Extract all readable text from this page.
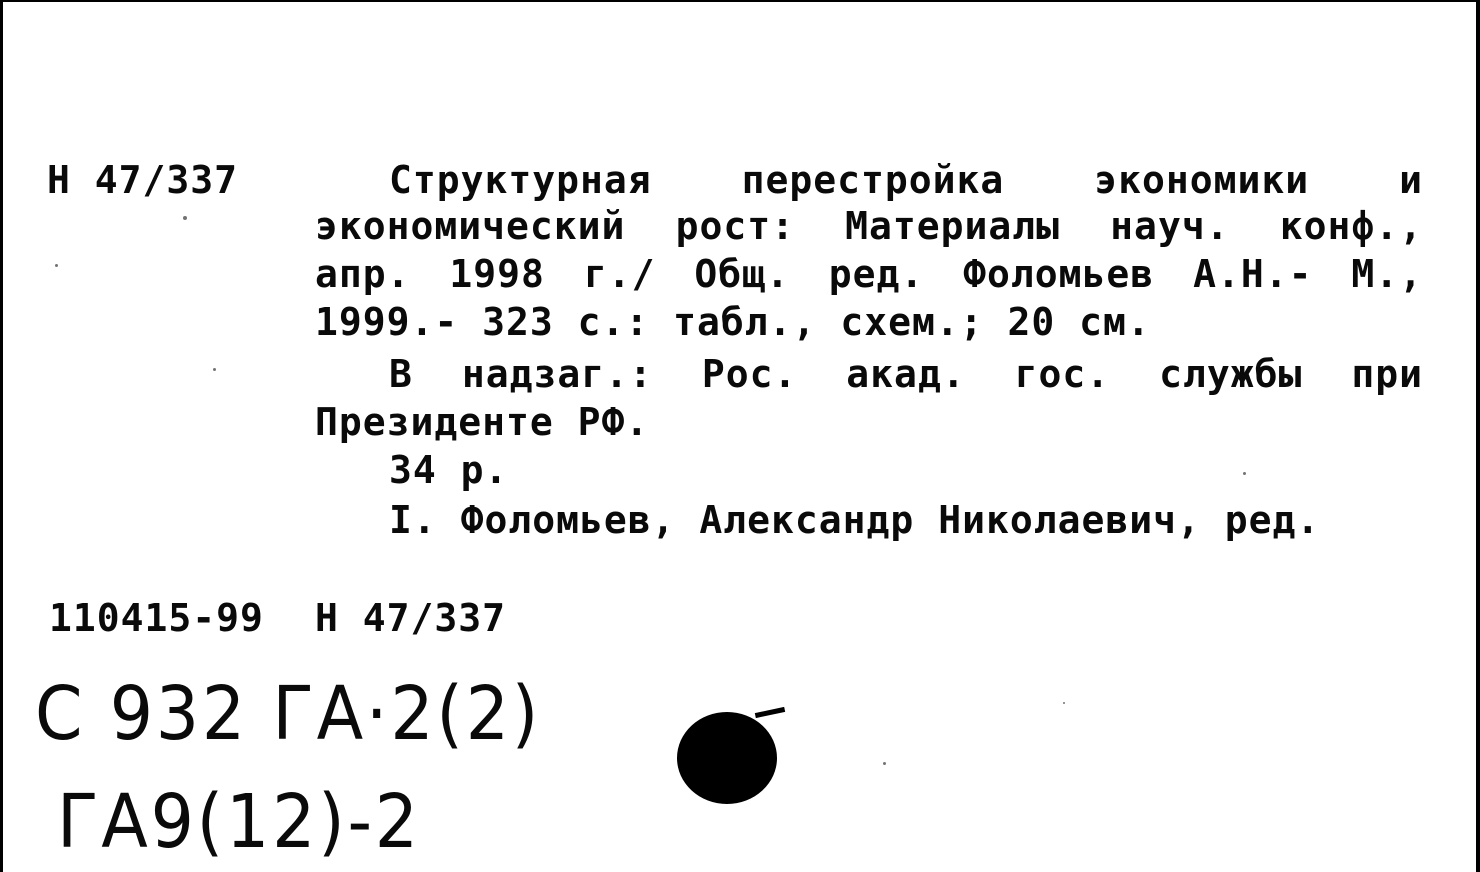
Н 47/337	Структурная перестройка экономики и
экономический рост: Материалы науч. конф.,
апр. 1998 г./ Общ. ред. Фоломьев А.Н.- М.,
1999.- 323 с.: табл., схем.; 20 см.
В надзаг.: Рос. акад. гос. службы при
Президенте РФ.
34 р.
I. Фоломьев, Александр Николаевич, ред.
110415-99 Н 47/337
С 932 ГА·2(2)
ГА9(12)-2
